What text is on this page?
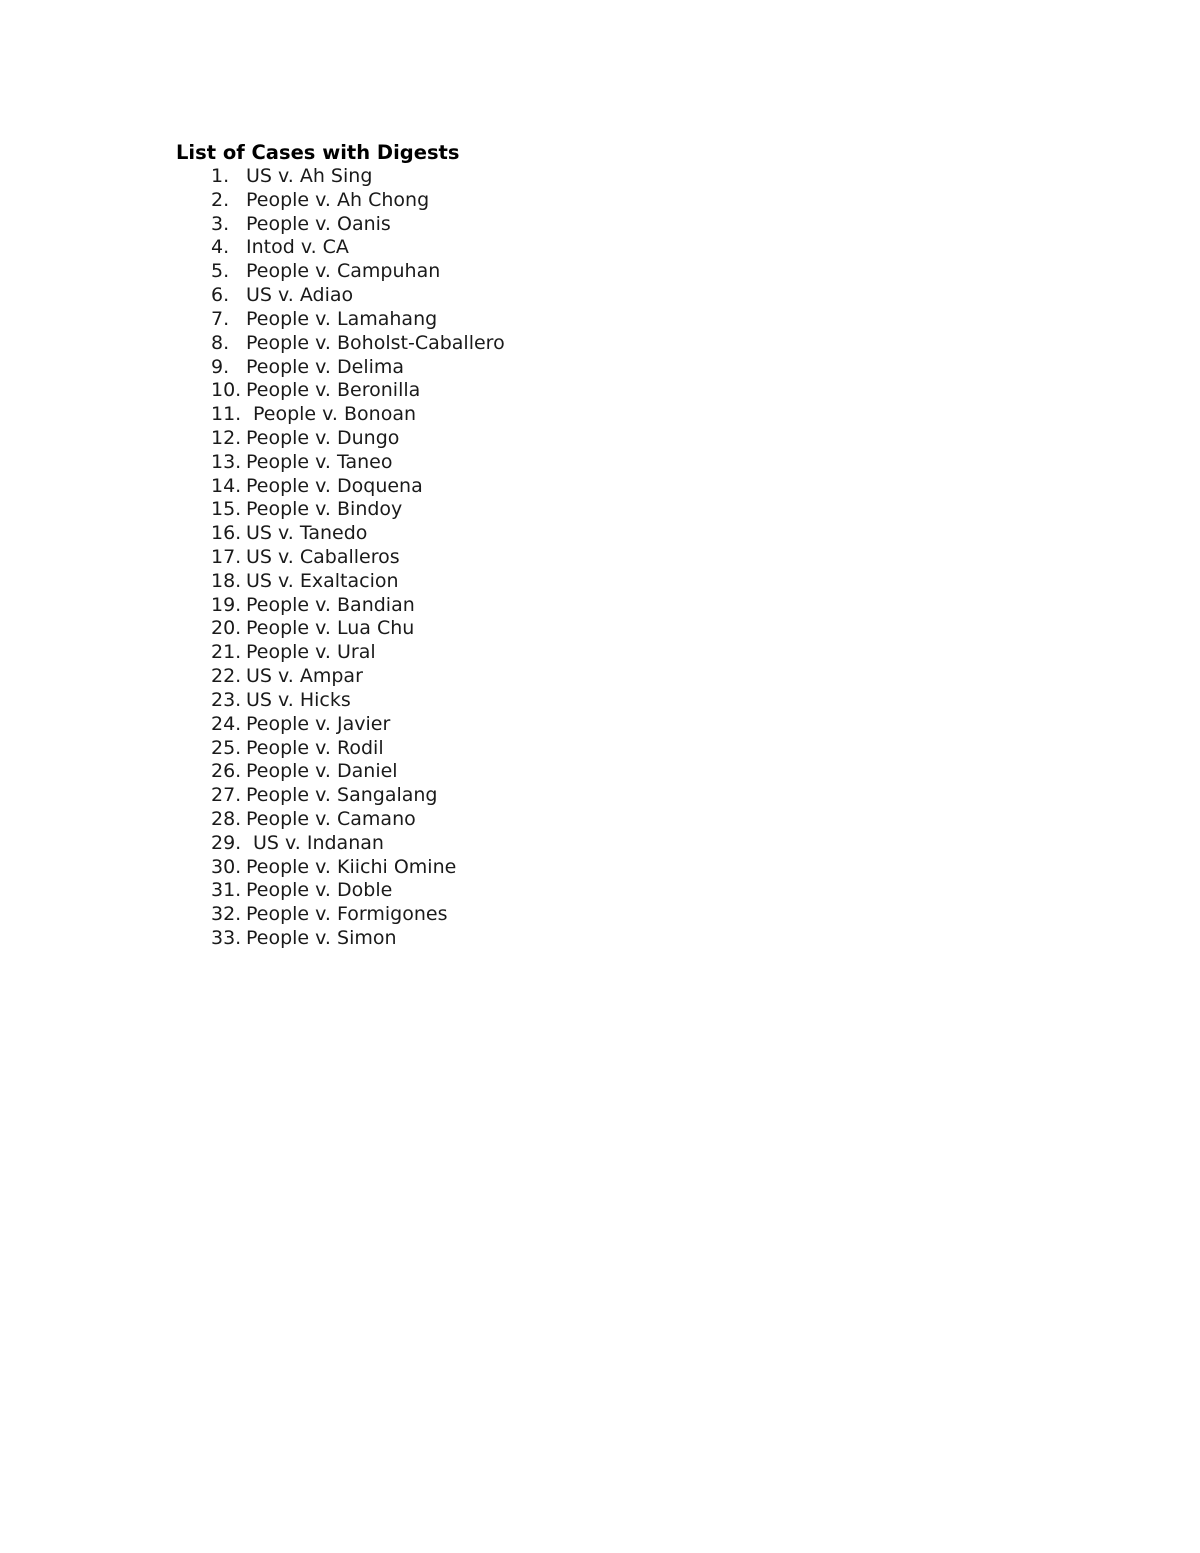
List of Cases with Digests
1. US v. Ah Sing
2. People v. Ah Chong
3. People v. Oanis
4. Intod v. CA
5. People v. Campuhan
6. US v. Adiao
7. People v. Lamahang
8. People v. Boholst-Caballero
9. People v. Delima
10. People v. Beronilla
11. People v. Bonoan
12. People v. Dungo
13. People v. Taneo
14. People v. Doquena
15. People v. Bindoy
16. US v. Tanedo
17. US v. Caballeros
18. US v. Exaltacion
19. People v. Bandian
20. People v. Lua Chu
21. People v. Ural
22. US v. Ampar
23. US v. Hicks
24. People v. Javier
25. People v. Rodil
26. People v. Daniel
27. People v. Sangalang
28. People v. Camano
29. US v. Indanan
30. People v. Kiichi Omine
31. People v. Doble
32. People v. Formigones
33. People v. Simon
